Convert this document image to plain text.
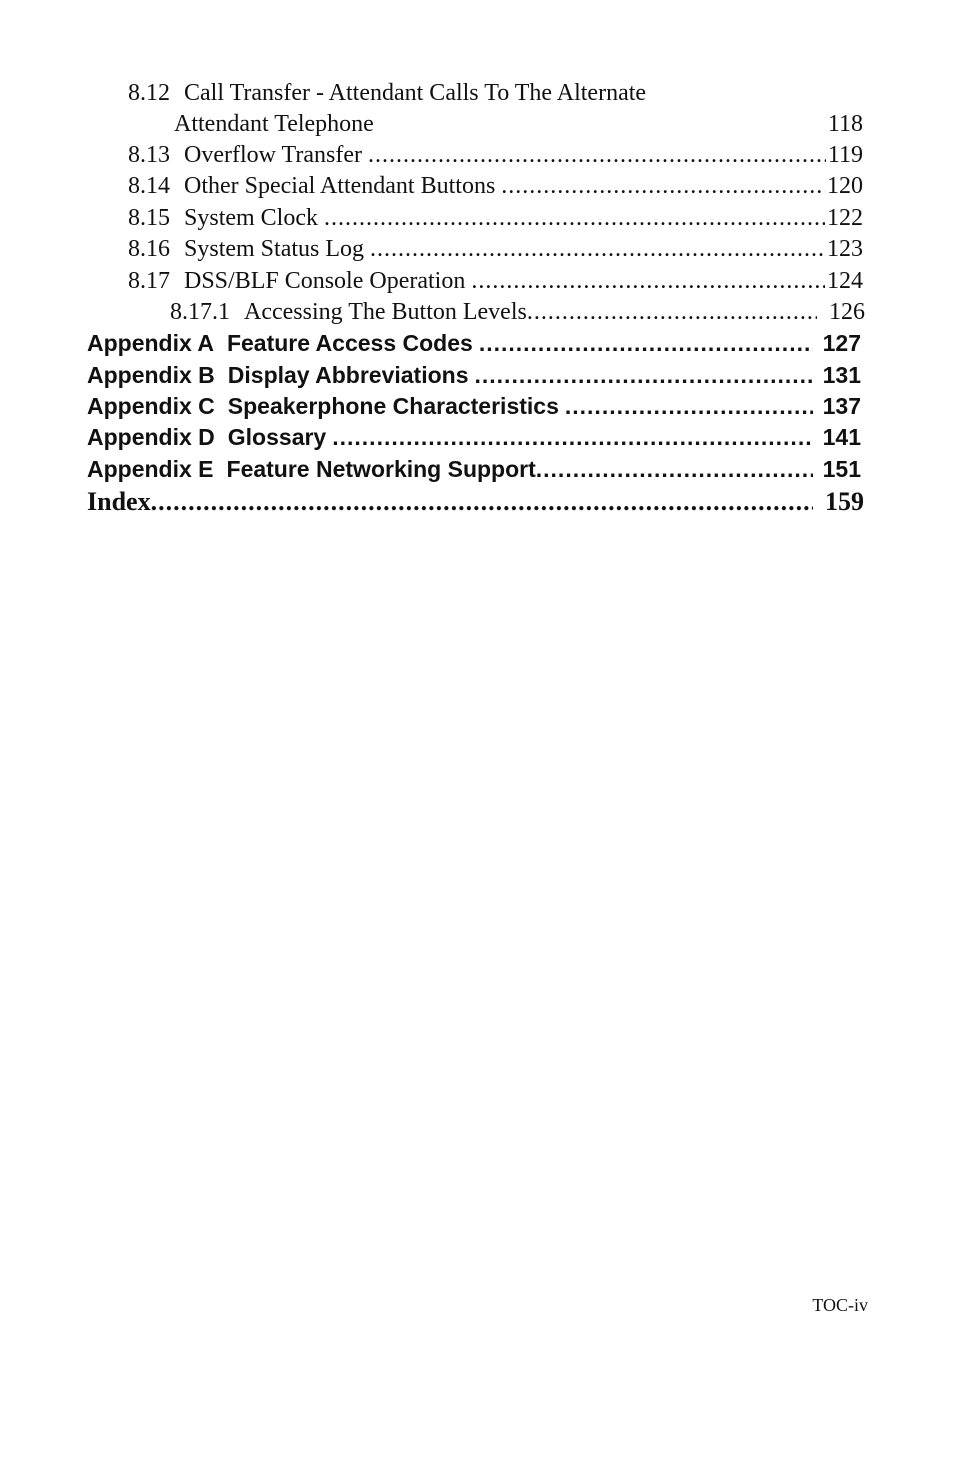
8.12 Call Transfer - Attendant Calls To The Alternate
Attendant Telephone	118
8.13 Overflow Transfer .....	119
8.14 Other Special Attendant Buttons .....	120
8.15 System Clock .....	122
8.16 System Status Log .....	123
8.17 DSS/BLF Console Operation .....	124
8.17.1 Accessing The Button Levels .....	126
Appendix A Feature Access Codes .....	127
Appendix B Display Abbreviations .....	131
Appendix C Speakerphone Characteristics .....	137
Appendix D Glossary .....	141
Appendix E Feature Networking Support .....	151
Index .....	159
TOC-iv
